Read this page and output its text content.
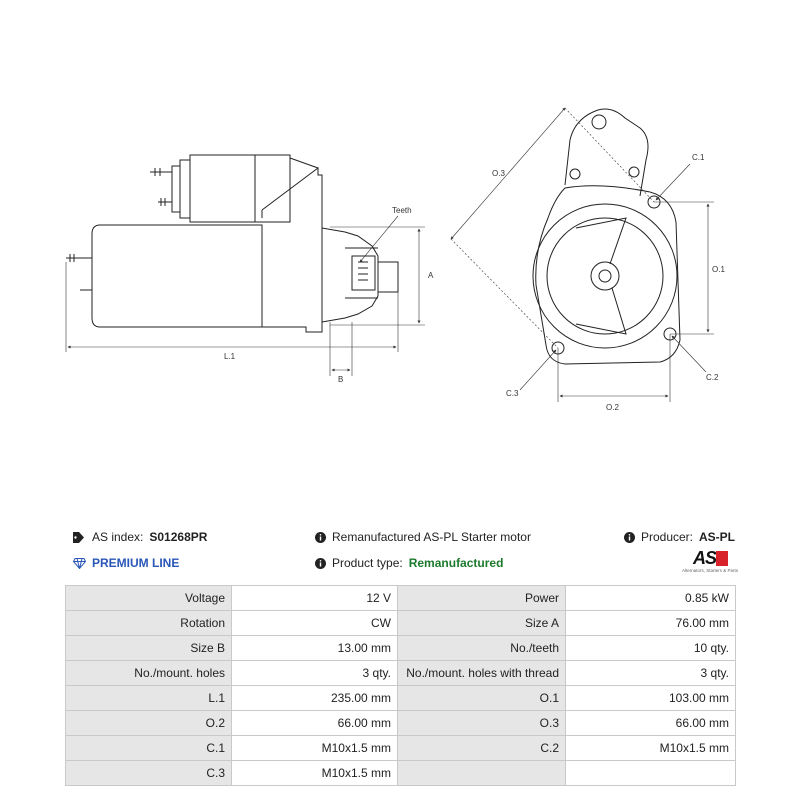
Teeth
A
L.1
B
O.3
C.1
O.1
C.2
C.3
O.2
AS index: S01268PR
PREMIUM LINE
Remanufactured AS-PL Starter motor
Product type: Remanufactured
Producer: AS-PL
AS
Alternators, Starters & Parts
Voltage	12 V	Power	0.85 kW
Rotation	CW	Size A	76.00 mm
Size B	13.00 mm	No./teeth	10 qty.
No./mount. holes	3 qty.	No./mount. holes with thread	3 qty.
L.1	235.00 mm	O.1	103.00 mm
O.2	66.00 mm	O.3	66.00 mm
C.1	M10x1.5 mm	C.2	M10x1.5 mm
C.3	M10x1.5 mm		
